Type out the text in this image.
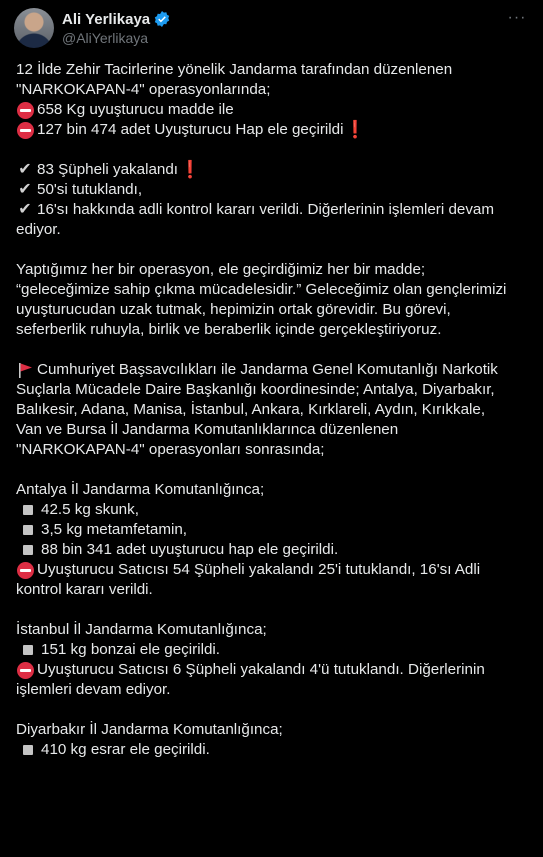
Ali Yerlikaya
@AliYerlikaya
···
12 İlde Zehir Tacirlerine yönelik Jandarma tarafından düzenlenen
"NARKOKAPAN-4" operasyonlarında;
658 Kg uyuşturucu madde ile
127 bin 474 adet Uyuşturucu Hap ele geçirildi ❗
✔ 83 Şüpheli yakalandı ❗
✔ 50'si tutuklandı,
✔ 16'sı hakkında adli kontrol kararı verildi. Diğerlerinin işlemleri devam
ediyor.
Yaptığımız her bir operasyon, ele geçirdiğimiz her bir madde;
“geleceğimize sahip çıkma mücadelesidir.” Geleceğimiz olan gençlerimizi
uyuşturucudan uzak tutmak, hepimizin ortak görevidir. Bu görevi,
seferberlik ruhuyla, birlik ve beraberlik içinde gerçekleştiriyoruz.
Cumhuriyet Başsavcılıkları ile Jandarma Genel Komutanlığı Narkotik
Suçlarla Mücadele Daire Başkanlığı koordinesinde; Antalya, Diyarbakır,
Balıkesir, Adana, Manisa, İstanbul, Ankara, Kırklareli, Aydın, Kırıkkale,
Van ve Bursa İl Jandarma Komutanlıklarınca düzenlenen
"NARKOKAPAN-4" operasyonları sonrasında;
Antalya İl Jandarma Komutanlığınca;
42.5 kg skunk,
3,5 kg metamfetamin,
88 bin 341 adet uyuşturucu hap ele geçirildi.
Uyuşturucu Satıcısı 54 Şüpheli yakalandı 25'i tutuklandı, 16'sı Adli
kontrol kararı verildi.
İstanbul İl Jandarma Komutanlığınca;
151 kg bonzai ele geçirildi.
Uyuşturucu Satıcısı 6 Şüpheli yakalandı 4'ü tutuklandı. Diğerlerinin
işlemleri devam ediyor.
Diyarbakır İl Jandarma Komutanlığınca;
410 kg esrar ele geçirildi.
